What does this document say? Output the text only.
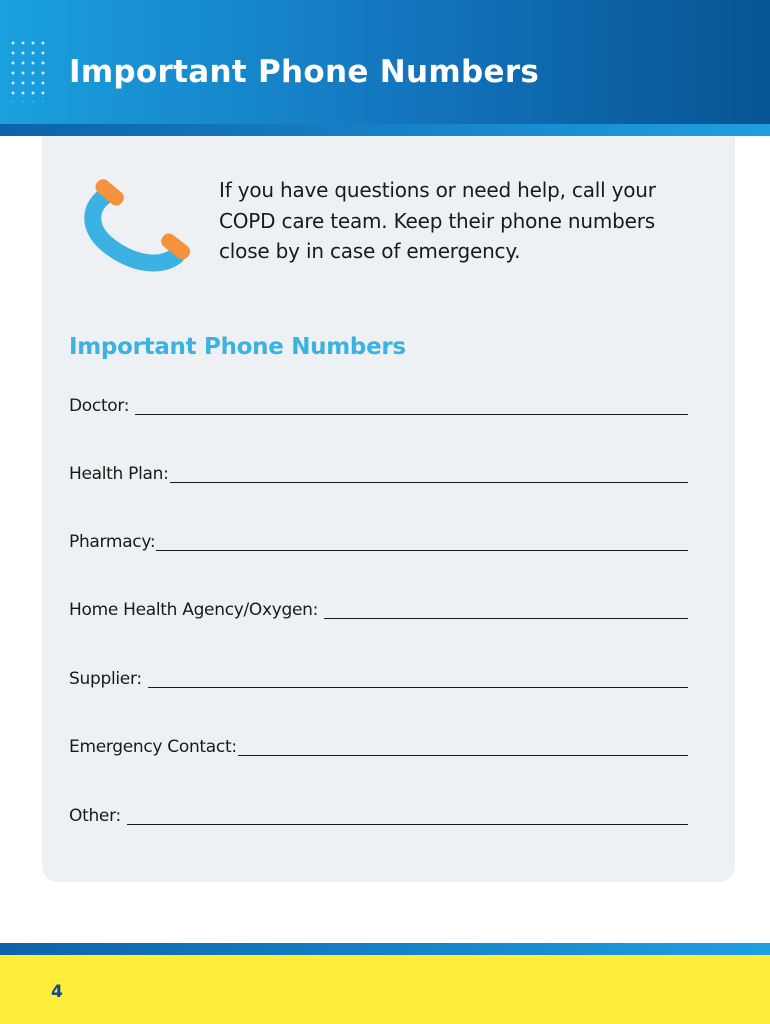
Important Phone Numbers

If you have questions or need help, call your COPD care team. Keep their phone numbers close by in case of emergency.

Important Phone Numbers
Doctor:
Health Plan:
Pharmacy:
Home Health Agency/Oxygen:
Supplier:
Emergency Contact:
Other:

4
